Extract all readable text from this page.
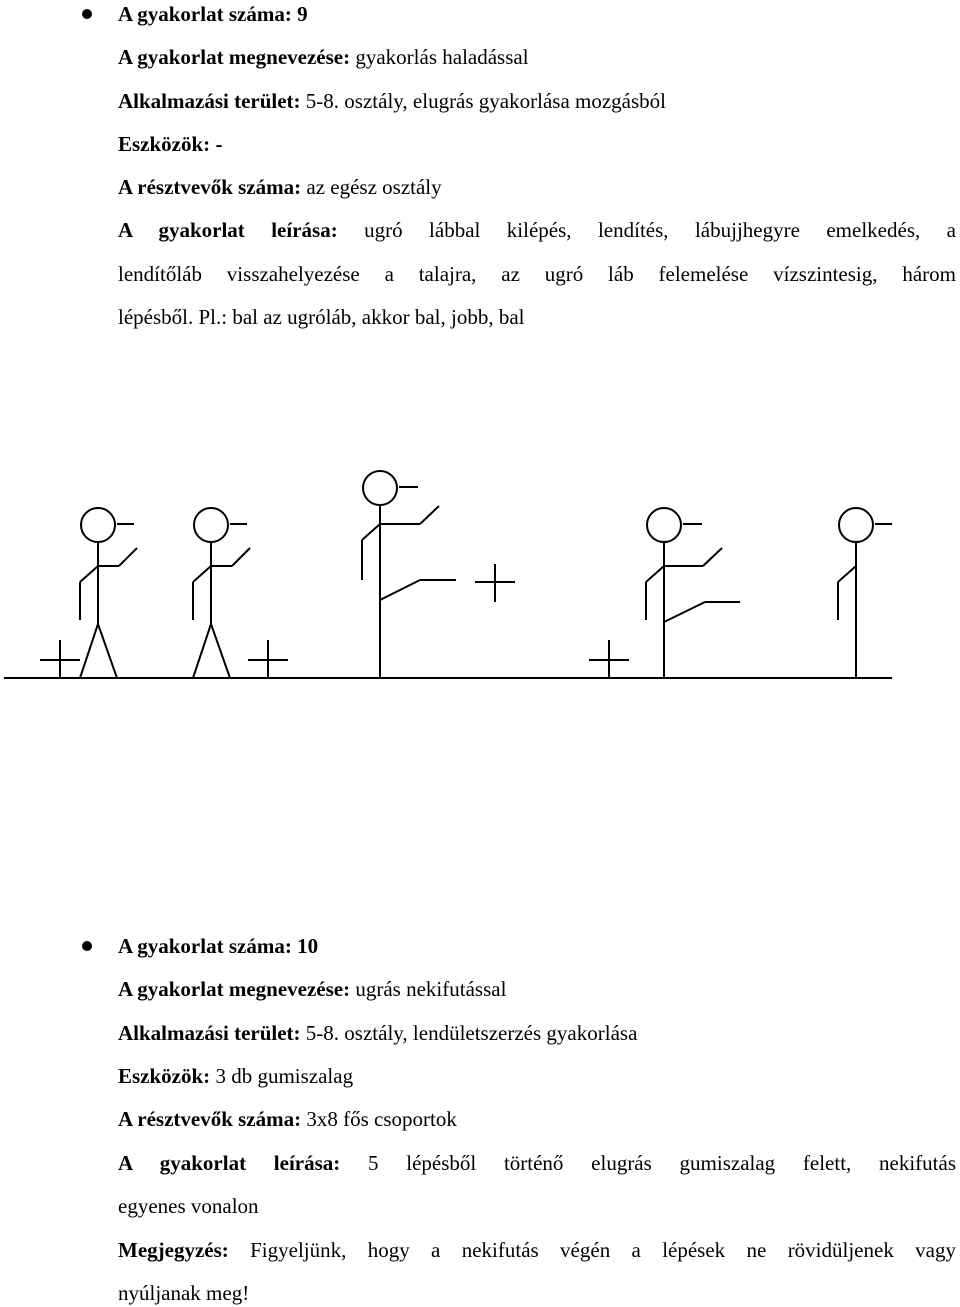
A gyakorlat száma: 9
A gyakorlat megnevezése: gyakorlás haladással
Alkalmazási terület: 5-8. osztály, elugrás gyakorlása mozgásból
Eszközök: -
A résztvevők száma: az egész osztály
A gyakorlat leírása: ugró lábbal kilépés, lendítés, lábujjhegyre emelkedés, a
lendítőláb visszahelyezése a talajra, az ugró láb felemelése vízszintesig, három
lépésből. Pl.: bal az ugróláb, akkor bal, jobb, bal
A gyakorlat száma: 10
A gyakorlat megnevezése: ugrás nekifutással
Alkalmazási terület: 5-8. osztály, lendületszerzés gyakorlása
Eszközök: 3 db gumiszalag
A résztvevők száma: 3x8 fős csoportok
A gyakorlat leírása: 5 lépésből történő elugrás gumiszalag felett, nekifutás
egyenes vonalon
Megjegyzés: Figyeljünk, hogy a nekifutás végén a lépések ne rövidüljenek vagy
nyúljanak meg!
